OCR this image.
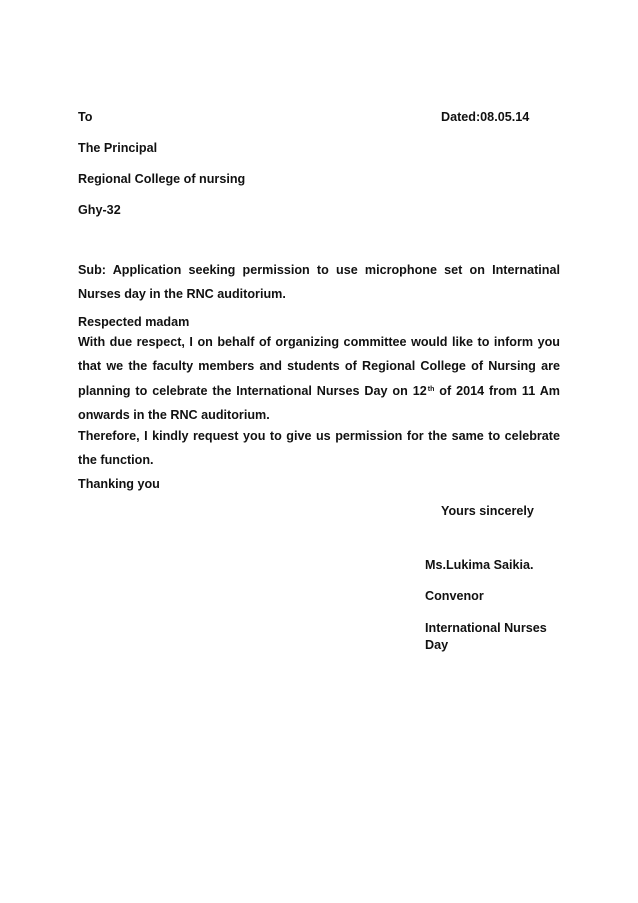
To	Dated:08.05.14
The Principal
Regional College of nursing
Ghy-32
Sub: Application seeking permission to use microphone set on Internatinal Nurses day in the RNC auditorium.
Respected madam
With due respect, I on behalf of organizing committee would like to inform you that we the faculty members and students of Regional College of Nursing are planning to celebrate the International Nurses Day on 12th of 2014 from 11 Am onwards in the RNC auditorium.
Therefore, I kindly request you to give us permission for the same to celebrate the function.
Thanking you
Yours sincerely
Ms.Lukima Saikia.
Convenor
International Nurses Day
